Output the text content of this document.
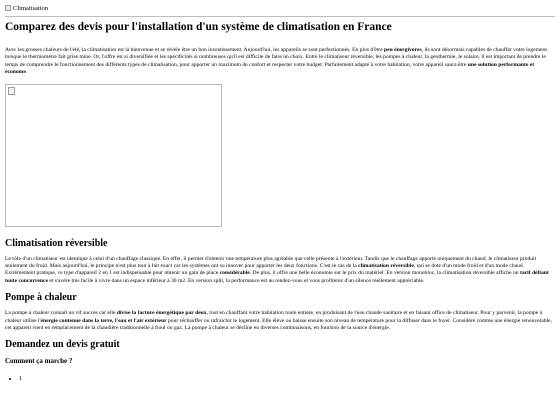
Climatisation
Comparez des devis pour l'installation d'un système de climatisation en France

Avec les grosses chaleurs de l'été, la climatisation est la bienvenue et se révèle être un bon investissement. Aujourd'hui, les appareils se sont perfectionnés. En plus d'être peu énergivores, ils sont désormais capables de chauffer votre logement lorsque le thermomètre fait grise mine. Or, l'offre est si diversifiée et les spécificités si nombreuses qu'il est difficile de faire un choix. Entre le climatiseur réversible, les pompes à chaleur, la géothermie, le solaire, il est important de prendre le temps de comprendre le fonctionnement des différents types de climatisation, pour apporter un maximum de confort et respecter votre budget. Parfaitement adapté à votre habitation, votre appareil saura être une solution performante et économe.

Climatisation réversible

Le rôle d'un climatiseur est identique à celui d'un chauffage classique. En effet, il permet d'obtenir une température plus agréable que celle présente à l'extérieur. Tandis que le chauffage apporte uniquement du chaud, le climatiseur produit seulement du froid. Mais aujourd'hui, le principe n'est plus tout à fait exact car les systèmes ont su innover pour apporter les deux fonctions. C'est le cas de la climatisation réversible, qui se dote d'un mode froid et d'un mode chaud. Extrêmement pratique, ce type d'appareil 2 en 1 est indispensable pour obtenir un gain de place considérable. De plus, il offre une belle économie sur le prix du matériel. En version monobloc, la climatisation réversible affiche un tarif défiant toute concurrence et s'avère très facile à vivre dans un espace inférieur à 30 m2. En version split, la performance est au rendez-vous et vous profiterez d'un silence réellement appréciable.

Pompe à chaleur

La pompe à chaleur connait un vif succès car elle divise la facture énergétique par deux, tout en chauffant votre habitation toute entière, en produisant de l'eau chaude sanitaire et en faisant office de climatiseur. Pour y parvenir, la pompe à chaleur utilise l'énergie contenue dans la terre, l'eau et l'air extérieur pour réchauffer ou rafraichir le logement. Elle élève ou baisse ensuite son niveau de température pour la diffuser dans le foyer. Considéré comme une énergie renouvelable, cet appareil vient en remplacement de la chaudière traditionnelle à fioul ou gaz. La pompe à chaleur se décline en diverses combinaisons, en fonction de la source d'énergie.

Demandez un devis gratuit
Comment ça marche ?
• 1
